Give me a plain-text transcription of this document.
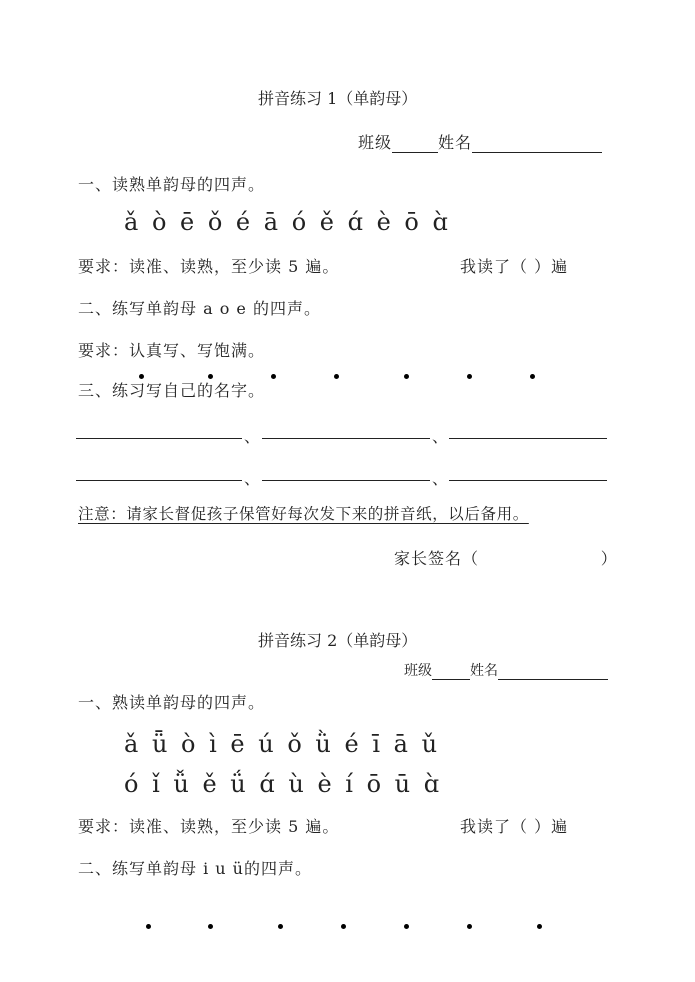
拼音练习 1（单韵母）
班级	姓名
一、读熟单韵母的四声。
ǎ ò ē ǒ é ā ó ě ɑ́ è ō ɑ̀
要求：读准、读熟，至少读 5 遍。	我读了（ ）遍
二、练写单韵母 a o e 的四声。
要求：认真写、写饱满。
三、练习写自己的名字。
、	、
、	、
注意：请家长督促孩子保管好每次发下来的拼音纸，以后备用。
家长签名（                    ）
拼音练习 2（单韵母）
班级	姓名
一、熟读单韵母的四声。
ǎ ǖ ò ì ē ú ǒ ǜ é ī ā ǔ
ó ǐ ǚ ě ǘ ɑ́ ù è í ō ū ɑ̀
要求：读准、读熟，至少读 5 遍。	我读了（ ）遍
二、练写单韵母 i u ü的四声。
